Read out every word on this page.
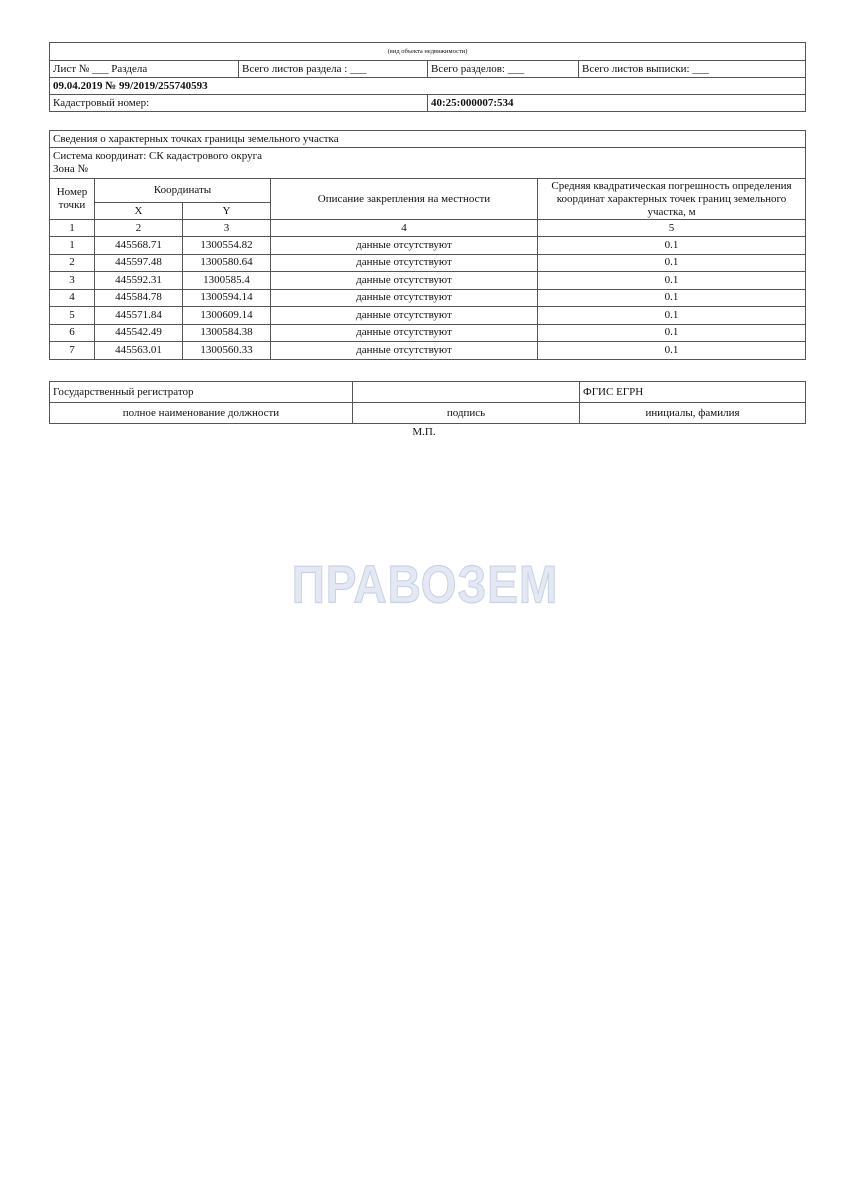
(вид объекта недвижимости)			
Лист № ___ Раздела	Всего листов раздела : ___	Всего разделов: ___	Всего листов выписки: ___
09.04.2019 № 99/2019/255740593			
Кадастровый номер:		40:25:000007:534	
Сведения о характерных точках границы земельного участка				

Система координат: СК кадастрового округа
Зона №				

Номер точки	Координаты		Описание закрепления на местности	Средняя квадратическая погрешность определения координат характерных точек границ земельного участка, м
	X	Y		
1	2	3	4	5
1	445568.71	1300554.82	данные отсутствуют	0.1
2	445597.48	1300580.64	данные отсутствуют	0.1
3	445592.31	1300585.4	данные отсутствуют	0.1
4	445584.78	1300594.14	данные отсутствуют	0.1
5	445571.84	1300609.14	данные отсутствуют	0.1
6	445542.49	1300584.38	данные отсутствуют	0.1
7	445563.01	1300560.33	данные отсутствуют	0.1
Государственный регистратор		ФГИС ЕГРН
полное наименование должности	подпись	инициалы, фамилия
М.П.
ПРАВОЗЕМ
